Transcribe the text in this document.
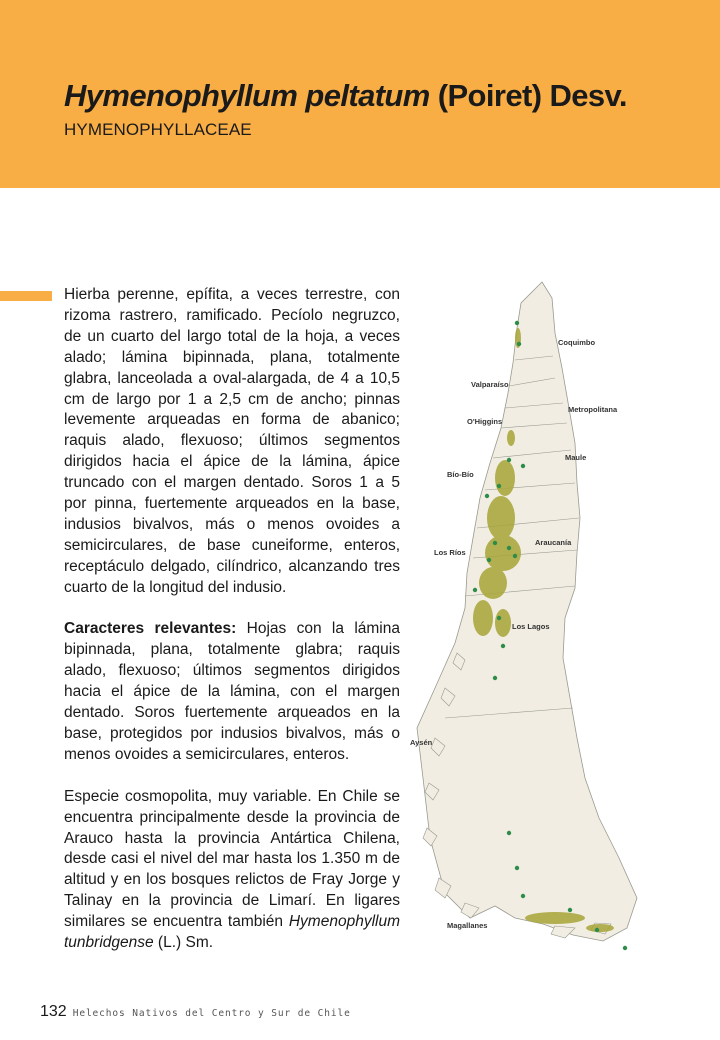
Hymenophyllum peltatum (Poiret) Desv.
HYMENOPHYLLACEAE

Hierba perenne, epífita, a veces terrestre, con rizoma rastrero, ramificado. Pecíolo negruzco, de un cuarto del largo total de la hoja, a veces alado; lámina bipinnada, plana, totalmente glabra, lanceolada a oval-alargada, de 4 a 10,5 cm de largo por 1 a 2,5 cm de ancho; pinnas levemente arqueadas en forma de abanico; raquis alado, flexuoso; últimos segmentos dirigidos hacia el ápice de la lámina, ápice truncado con el margen dentado. Soros 1 a 5 por pinna, fuertemente arqueados en la base, indusios bivalvos, más o menos ovoides a semicirculares, de base cuneiforme, enteros, receptáculo delgado, cilíndrico, alcanzando tres cuarto de la longitud del indusio.

Caracteres relevantes: Hojas con la lámina bipinnada, plana, totalmente glabra; raquis alado, flexuoso; últimos segmentos dirigidos hacia el ápice de la lámina, con el margen dentado. Soros fuertemente arqueados en la base, protegidos por indusios bivalvos, más o menos ovoides a semicirculares, enteros.

Especie cosmopolita, muy variable. En Chile se encuentra principalmente desde la provincia de Arauco hasta la provincia Antártica Chilena, desde casi el nivel del mar hasta los 1.350 m de altitud y en los bosques relictos de Fray Jorge y Talinay en la provincia de Limarí. En ligares similares se encuentra también Hymenophyllum tunbridgense (L.) Sm.

Coquimbo
Valparaíso
Metropolitana
O'Higgins
Maule
Bío-Bío
Araucanía
Los Ríos
Los Lagos
Aysén
Magallanes
132 Helechos Nativos del Centro y Sur de Chile
